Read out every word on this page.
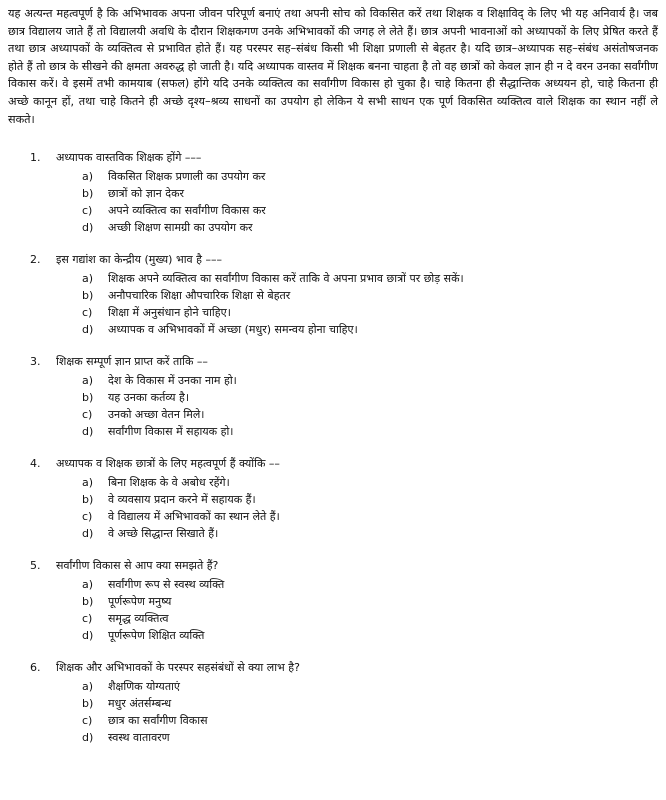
यह अत्यन्त महत्वपूर्ण है कि अभिभावक अपना जीवन परिपूर्ण बनाएं तथा अपनी सोच को विकसित करें तथा शिक्षक व शिक्षाविद् के लिए भी यह अनिवार्य है। जब छात्र विद्यालय जाते हैं तो विद्यालयी अवधि के दौरान शिक्षकगण उनके अभिभावकों की जगह ले लेते हैं। छात्र अपनी भावनाओं को अध्यापकों के लिए प्रेषित करते हैं तथा छात्र अध्यापकों के व्यक्तित्व से प्रभावित होते हैं। यह परस्पर सह–संबंध किसी भी शिक्षा प्रणाली से बेहतर है। यदि छात्र–अध्यापक सह–संबंध असंतोषजनक होते हैं तो छात्र के सीखने की क्षमता अवरुद्ध हो जाती है। यदि अध्यापक वास्तव में शिक्षक बनना चाहता है तो वह छात्रों को केवल ज्ञान ही न दे वरन उनका सर्वांगीण विकास करें। वे इसमें तभी कामयाब (सफल) होंगे यदि उनके व्यक्तित्व का सर्वांगीण विकास हो चुका है। चाहे कितना ही सैद्धान्तिक अध्ययन हो, चाहे कितना ही अच्छे कानून हों, तथा चाहे कितने ही अच्छे दृश्य–श्रव्य साधनों का उपयोग हो लेकिन ये सभी साधन एक पूर्ण विकसित व्यक्तित्व वाले शिक्षक का स्थान नहीं ले सकते।

1.	अध्यापक वास्तविक शिक्षक होंगे –––
a)	विकसित शिक्षक प्रणाली का उपयोग कर
b)	छात्रों को ज्ञान देकर
c)	अपने व्यक्तित्व का सर्वांगीण विकास कर
d)	अच्छी शिक्षण सामग्री का उपयोग कर
2.	इस गद्यांश का केन्द्रीय (मुख्य) भाव है –––
a)	शिक्षक अपने व्यक्तित्व का सर्वांगीण विकास करें ताकि वे अपना प्रभाव छात्रों पर छोड़ सकें।
b)	अनौपचारिक शिक्षा औपचारिक शिक्षा से बेहतर
c)	शिक्षा में अनुसंधान होने चाहिए।
d)	अध्यापक व अभिभावकों में अच्छा (मधुर) समन्वय होना चाहिए।
3.	शिक्षक सम्पूर्ण ज्ञान प्राप्त करें ताकि ––
a)	देश के विकास में उनका नाम हो।
b)	यह उनका कर्तव्य है।
c)	उनको अच्छा वेतन मिले।
d)	सर्वांगीण विकास में सहायक हो।
4.	अध्यापक व शिक्षक छात्रों के लिए महत्वपूर्ण हैं क्योंकि ––
a)	बिना शिक्षक के वे अबोध रहेंगे।
b)	वे व्यवसाय प्रदान करने में सहायक हैं।
c)	वे विद्यालय में अभिभावकों का स्थान लेते हैं।
d)	वे अच्छे सिद्धान्त सिखाते हैं।
5.	सर्वांगीण विकास से आप क्या समझते हैं?
a)	सर्वांगीण रूप से स्वस्थ व्यक्ति
b)	पूर्णरूपेण मनुष्य
c)	समृद्ध व्यक्तित्व
d)	पूर्णरूपेण शिक्षित व्यक्ति
6.	शिक्षक और अभिभावकों के परस्पर सहसंबंधों से क्या लाभ है?
a)	शैक्षणिक योग्यताएं
b)	मधुर अंतर्सम्बन्ध
c)	छात्र का सर्वांगीण विकास
d)	स्वस्थ वातावरण
